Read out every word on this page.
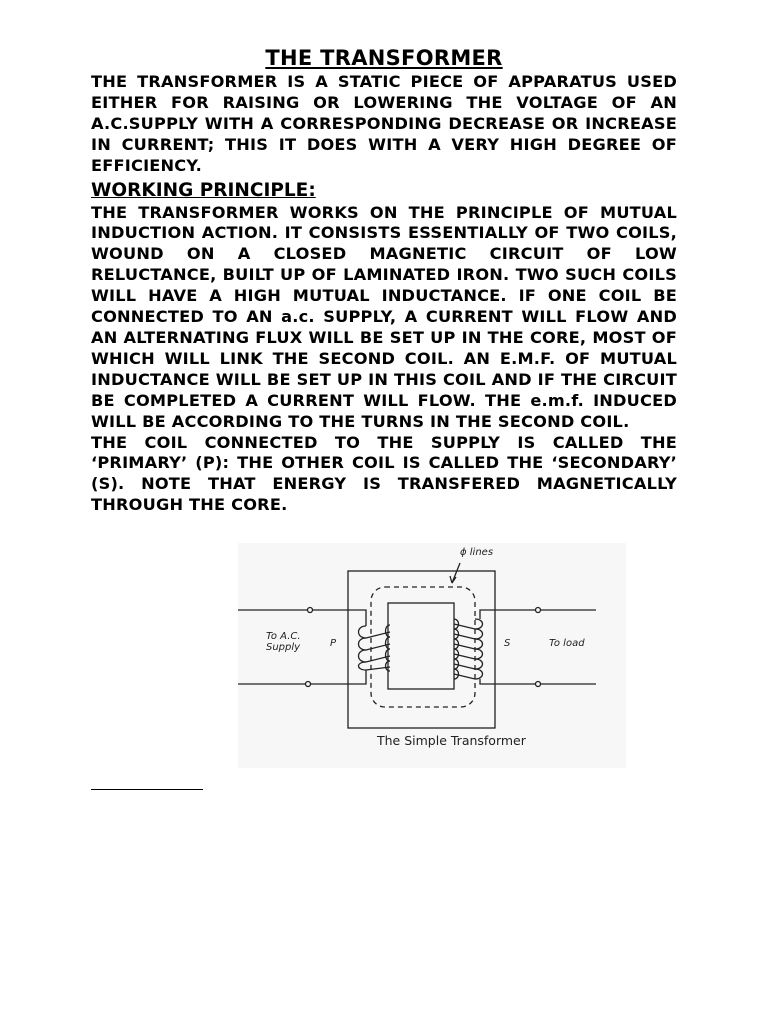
THE TRANSFORMER

THE TRANSFORMER IS A STATIC PIECE OF APPARATUS USED EITHER FOR RAISING OR LOWERING THE VOLTAGE OF AN A.C.SUPPLY WITH A CORRESPONDING DECREASE OR INCREASE IN CURRENT; THIS IT DOES WITH A VERY HIGH DEGREE OF EFFICIENCY.

WORKING PRINCIPLE:

THE TRANSFORMER WORKS ON THE PRINCIPLE OF MUTUAL INDUCTION ACTION. IT CONSISTS ESSENTIALLY OF TWO COILS, WOUND ON A CLOSED MAGNETIC CIRCUIT OF LOW RELUCTANCE, BUILT UP OF LAMINATED IRON. TWO SUCH COILS WILL HAVE A HIGH MUTUAL INDUCTANCE. IF ONE COIL BE CONNECTED TO AN a.c. SUPPLY, A CURRENT WILL FLOW AND AN ALTERNATING FLUX WILL BE SET UP IN THE CORE, MOST OF WHICH WILL LINK THE SECOND COIL. AN E.M.F. OF MUTUAL INDUCTANCE WILL BE SET UP IN THIS COIL AND IF THE CIRCUIT BE COMPLETED A CURRENT WILL FLOW. THE e.m.f. INDUCED WILL BE ACCORDING TO THE TURNS IN THE SECOND COIL.

THE COIL CONNECTED TO THE SUPPLY IS CALLED THE ‘PRIMARY’ (P): THE OTHER COIL IS CALLED THE ‘SECONDARY’ (S). NOTE THAT ENERGY IS TRANSFERED MAGNETICALLY THROUGH THE CORE.

ϕ lines
To A.C.
Supply	P	S	To load
The Simple Transformer
